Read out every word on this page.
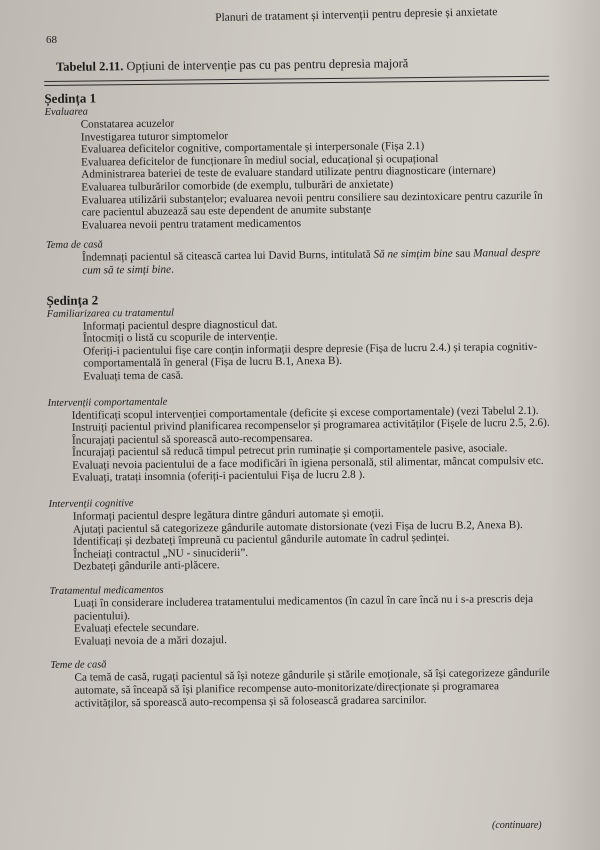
Planuri de tratament și intervenții pentru depresie și anxietate
68
Tabelul 2.11. Opțiuni de intervenție pas cu pas pentru depresia majoră
Ședința 1
Evaluarea
Constatarea acuzelor
Investigarea tuturor simptomelor
Evaluarea deficitelor cognitive, comportamentale și interpersonale (Fișa 2.1)
Evaluarea deficitelor de funcționare în mediul social, educațional și ocupațional
Administrarea bateriei de teste de evaluare standard utilizate pentru diagnosticare (internare)
Evaluarea tulburărilor comorbide (de exemplu, tulburări de anxietate)
Evaluarea utilizării substanțelor; evaluarea nevoii pentru consiliere sau dezintoxicare pentru cazurile în care pacientul abuzează sau este dependent de anumite substanțe
Evaluarea nevoii pentru tratament medicamentos
Tema de casă
Îndemnați pacientul să citească cartea lui David Burns, intitulată Să ne simțim bine sau Manual despre cum să te simți bine.
Ședința 2
Familiarizarea cu tratamentul
Informați pacientul despre diagnosticul dat.
Întocmiți o listă cu scopurile de intervenție.
Oferiți-i pacientului fișe care conțin informații despre depresie (Fișa de lucru 2.4.) și terapia cognitiv-comportamentală în general (Fișa de lucru B.1, Anexa B).
Evaluați tema de casă.
Intervenții comportamentale
Identificați scopul intervenției comportamentale (deficite și excese comportamentale) (vezi Tabelul 2.1).
Instruiți pacientul privind planificarea recompenselor și programarea activităților (Fișele de lucru 2.5, 2.6).
Încurajați pacientul să sporească auto-recompensarea.
Încurajați pacientul să reducă timpul petrecut prin ruminație și comportamentele pasive, asociale.
Evaluați nevoia pacientului de a face modificări în igiena personală, stil alimentar, mâncat compulsiv etc.
Evaluați, tratați insomnia (oferiți-i pacientului Fișa de lucru 2.8 ).
Intervenții cognitive
Informați pacientul despre legătura dintre gânduri automate și emoții.
Ajutați pacientul să categorizeze gândurile automate distorsionate (vezi Fișa de lucru B.2, Anexa B).
Identificați și dezbateți împreună cu pacientul gândurile automate în cadrul ședinței.
Încheiați contractul „NU - sinuciderii”.
Dezbateți gândurile anti-plăcere.
Tratamentul medicamentos
Luați în considerare includerea tratamentului medicamentos (în cazul în care încă nu i s-a prescris deja pacientului).
Evaluați efectele secundare.
Evaluați nevoia de a mări dozajul.
Teme de casă
Ca temă de casă, rugați pacientul să își noteze gândurile și stările emoționale, să își categorizeze gândurile automate, să înceapă să își planifice recompense auto-monitorizate/direcționate și programarea activităților, să sporească auto-recompensa și să folosească gradarea sarcinilor.
(continuare)
